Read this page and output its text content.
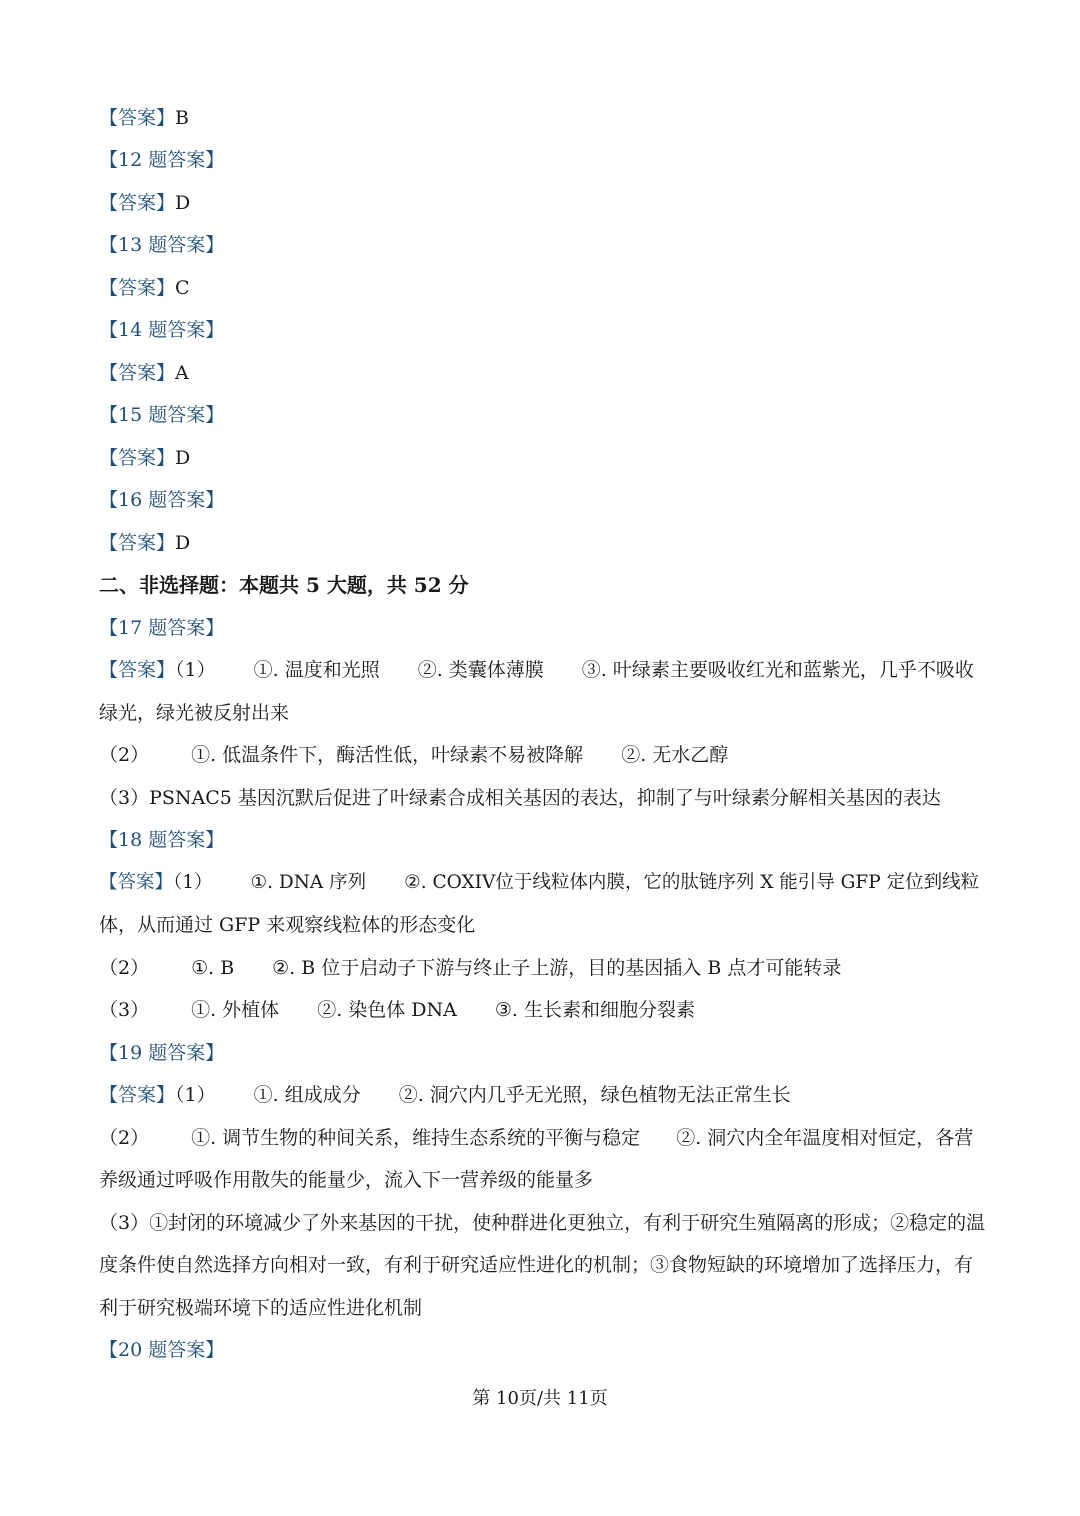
【答案】B
【12 题答案】
【答案】D
【13 题答案】
【答案】C
【14 题答案】
【答案】A
【15 题答案】
【答案】D
【16 题答案】
【答案】D
二、非选择题：本题共 5 大题，共 52 分
【17 题答案】
【答案】（1） ①. 温度和光照 ②. 类囊体薄膜 ③. 叶绿素主要吸收红光和蓝紫光，几乎不吸收
绿光，绿光被反射出来
（2） ①. 低温条件下，酶活性低，叶绿素不易被降解 ②. 无水乙醇
（3）PSNAC5 基因沉默后促进了叶绿素合成相关基因的表达，抑制了与叶绿素分解相关基因的表达
【18 题答案】
【答案】（1） ①. DNA 序列 ②. COXIV位于线粒体内膜，它的肽链序列 X 能引导 GFP 定位到线粒
体，从而通过 GFP 来观察线粒体的形态变化
（2） ①. B ②. B 位于启动子下游与终止子上游，目的基因插入 B 点才可能转录
（3） ①. 外植体 ②. 染色体 DNA ③. 生长素和细胞分裂素
【19 题答案】
【答案】（1） ①. 组成成分 ②. 洞穴内几乎无光照，绿色植物无法正常生长
（2） ①. 调节生物的种间关系，维持生态系统的平衡与稳定 ②. 洞穴内全年温度相对恒定，各营
养级通过呼吸作用散失的能量少，流入下一营养级的能量多
（3）①封闭的环境减少了外来基因的干扰，使种群进化更独立，有利于研究生殖隔离的形成；②稳定的温
度条件使自然选择方向相对一致，有利于研究适应性进化的机制；③食物短缺的环境增加了选择压力，有
利于研究极端环境下的适应性进化机制
【20 题答案】
第 10页/共 11页
